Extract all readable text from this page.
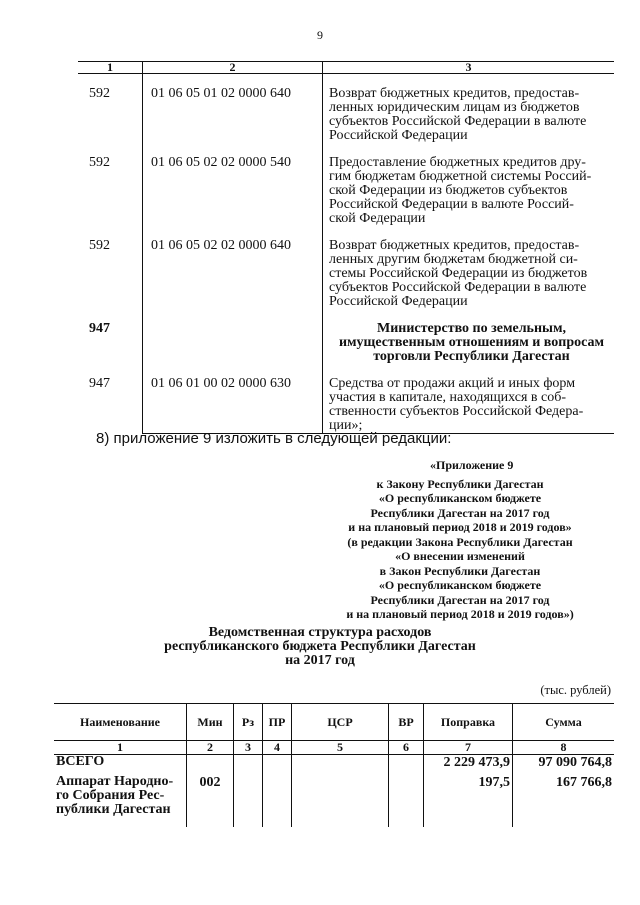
9
1	2	3

592	01 06 05 01 02 0000 640	Возврат бюджетных кредитов, предостав-
ленных юридическим лицам из бюджетов
субъектов Российской Федерации в валюте
Российской Федерации

592	01 06 05 02 02 0000 540	Предоставление бюджетных кредитов дру-
гим бюджетам бюджетной системы Россий-
ской Федерации из бюджетов субъектов
Российской Федерации в валюте Россий-
ской Федерации

592	01 06 05 02 02 0000 640	Возврат бюджетных кредитов, предостав-
ленных другим бюджетам бюджетной си-
стемы Российской Федерации из бюджетов
субъектов Российской Федерации в валюте
Российской Федерации

947		Министерство по земельным,
имущественным отношениям и вопросам
торговли Республики Дагестан

947	01 06 01 00 02 0000 630	Средства от продажи акций и иных форм
участия в капитале, находящихся в соб-
ственности субъектов Российской Федера-
ции»;
8) приложение 9 изложить в следующей редакции:
«Приложение 9
к Закону Республики Дагестан
«О республиканском бюджете
Республики Дагестан на 2017 год
и на плановый период 2018 и 2019 годов»
(в редакции Закона Республики Дагестан
«О внесении изменений
в Закон Республики Дагестан
«О республиканском бюджете
Республики Дагестан на 2017 год
и на плановый период 2018 и 2019 годов»)
Ведомственная структура расходов
республиканского бюджета Республики Дагестан
на 2017 год
(тыс. рублей)
Наименование	Мин	Рз	ПР	ЦСР	ВР	Поправка	Сумма
1	2	3	4	5	6	7	8
ВСЕГО						2 229 473,9	97 090 764,8

Аппарат Народно-
го Собрания Рес-
публики Дагестан	002					197,5	167 766,8
